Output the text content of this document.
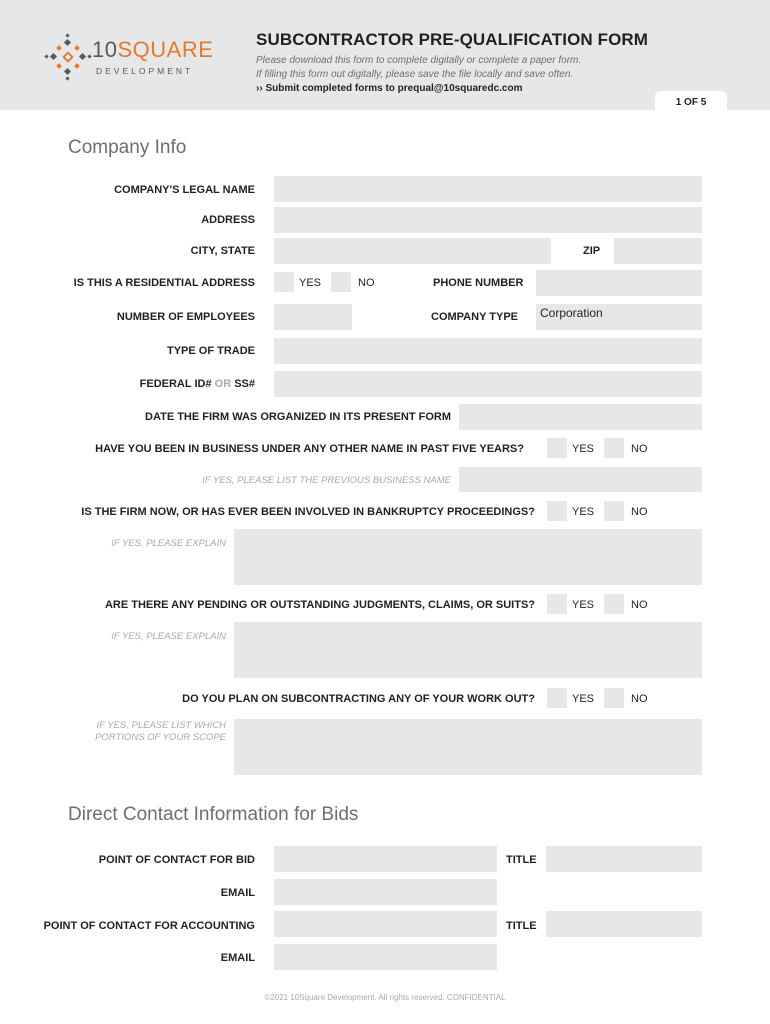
10SQUARE
DEVELOPMENT
SUBCONTRACTOR PRE-QUALIFICATION FORM
Please download this form to complete digitally or complete a paper form.
If filling this form out digitally, please save the file locally and save often.
›› Submit completed forms to prequal@10squaredc.com
1 OF 5
Company Info
COMPANY'S LEGAL NAME
ADDRESS
CITY, STATE	ZIP
IS THIS A RESIDENTIAL ADDRESS	YES	NO	PHONE NUMBER
NUMBER OF EMPLOYEES	COMPANY TYPE	Corporation
TYPE OF TRADE
FEDERAL ID# OR SS#
DATE THE FIRM WAS ORGANIZED IN ITS PRESENT FORM
HAVE YOU BEEN IN BUSINESS UNDER ANY OTHER NAME IN PAST FIVE YEARS?	YES	NO
IF YES, PLEASE LIST THE PREVIOUS BUSINESS NAME
IS THE FIRM NOW, OR HAS EVER BEEN INVOLVED IN BANKRUPTCY PROCEEDINGS?	YES	NO
IF YES, PLEASE EXPLAIN
ARE THERE ANY PENDING OR OUTSTANDING JUDGMENTS, CLAIMS, OR SUITS?	YES	NO
IF YES, PLEASE EXPLAIN
DO YOU PLAN ON SUBCONTRACTING ANY OF YOUR WORK OUT?	YES	NO
IF YES, PLEASE LIST WHICH
PORTIONS OF YOUR SCOPE
Direct Contact Information for Bids
POINT OF CONTACT FOR BID	TITLE
EMAIL
POINT OF CONTACT FOR ACCOUNTING	TITLE
EMAIL
©2021 10Square Development. All rights reserved. CONFIDENTIAL
